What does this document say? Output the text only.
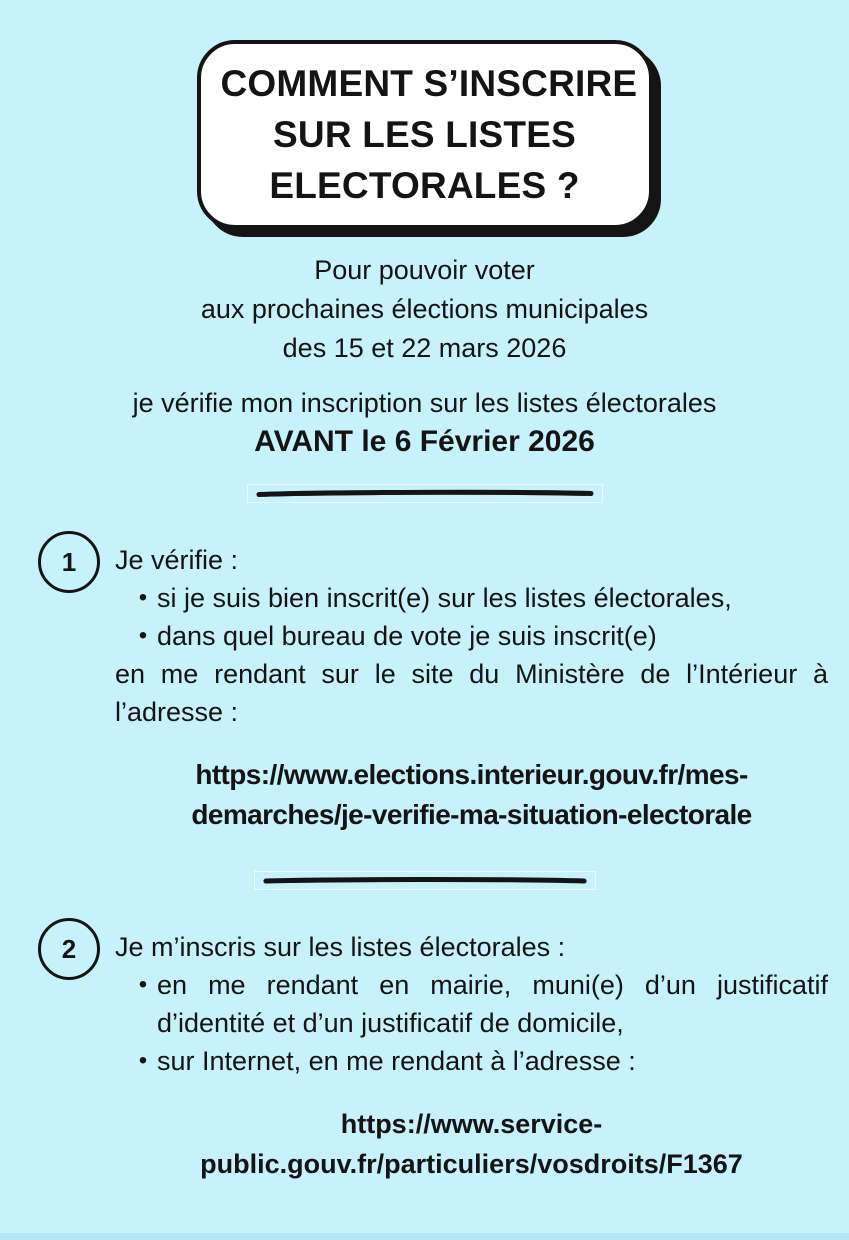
COMMENT S’INSCRIRE
SUR LES LISTES
ELECTORALES ?
Pour pouvoir voter
aux prochaines élections municipales
des 15 et 22 mars 2026
je vérifie mon inscription sur les listes électorales
AVANT le 6 Février 2026
1 Je vérifie :
• si je suis bien inscrit(e) sur les listes électorales,
• dans quel bureau de vote je suis inscrit(e)
en me rendant sur le site du Ministère de l’Intérieur à
l’adresse :
https://www.elections.interieur.gouv.fr/mes-
demarches/je-verifie-ma-situation-electorale
2 Je m’inscris sur les listes électorales :
• en me rendant en mairie, muni(e) d’un justificatif
d’identité et d’un justificatif de domicile,
• sur Internet, en me rendant à l’adresse :
https://www.service-
public.gouv.fr/particuliers/vosdroits/F1367
